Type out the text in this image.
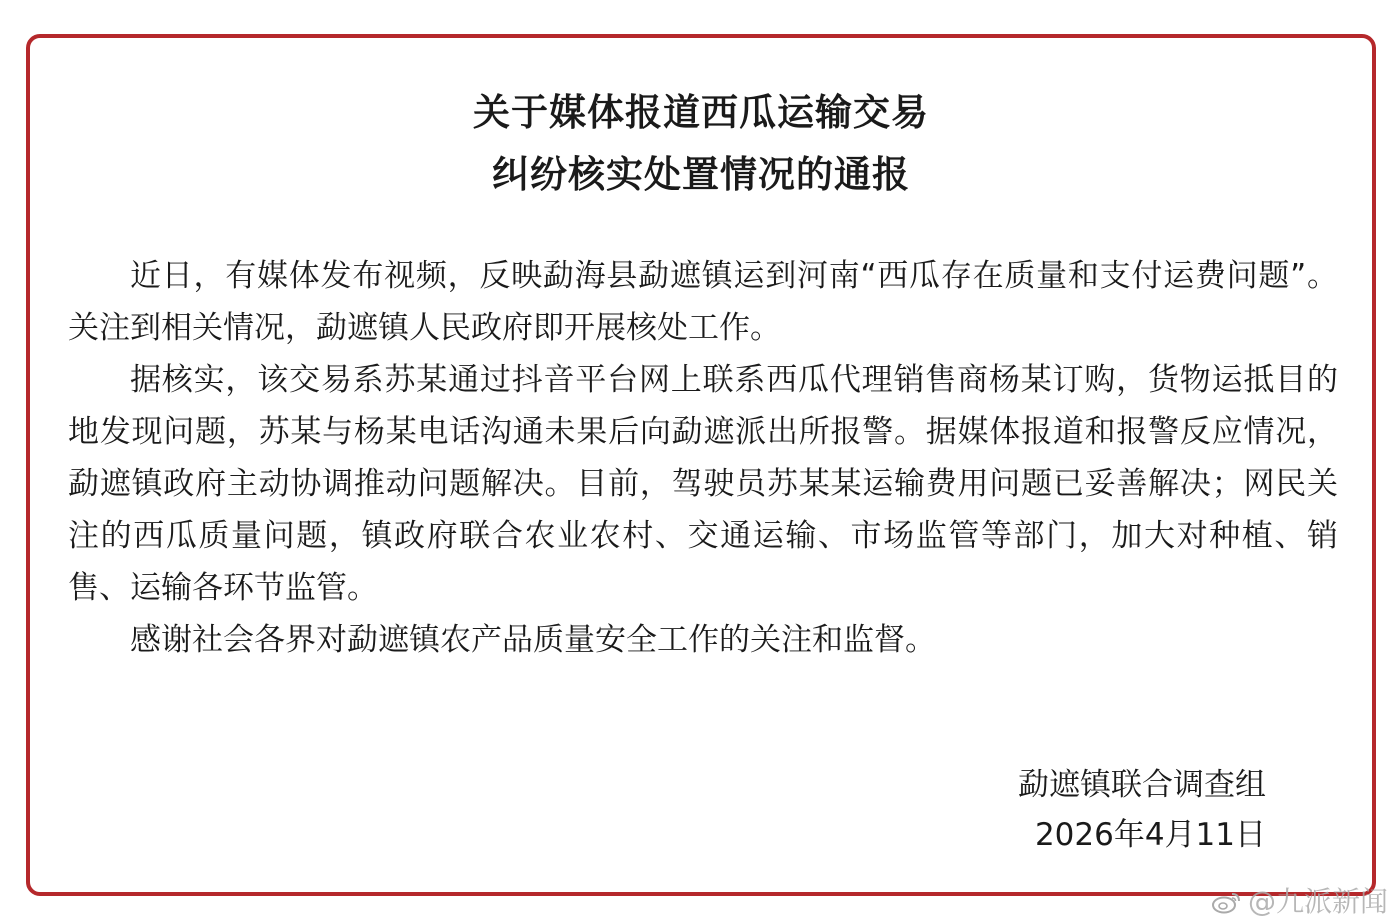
关于媒体报道西瓜运输交易
纠纷核实处置情况的通报

近日，有媒体发布视频，反映勐海县勐遮镇运到河南“西瓜存在质量和支付运费问题”。关注到相关情况，勐遮镇人民政府即开展核处工作。

据核实，该交易系苏某通过抖音平台网上联系西瓜代理销售商杨某订购，货物运抵目的地发现问题，苏某与杨某电话沟通未果后向勐遮派出所报警。据媒体报道和报警反应情况，勐遮镇政府主动协调推动问题解决。目前，驾驶员苏某某运输费用问题已妥善解决；网民关注的西瓜质量问题，镇政府联合农业农村、交通运输、市场监管等部门，加大对种植、销售、运输各环节监管。

感谢社会各界对勐遮镇农产品质量安全工作的关注和监督。

勐遮镇联合调查组
2026年4月11日
@九派新闻
